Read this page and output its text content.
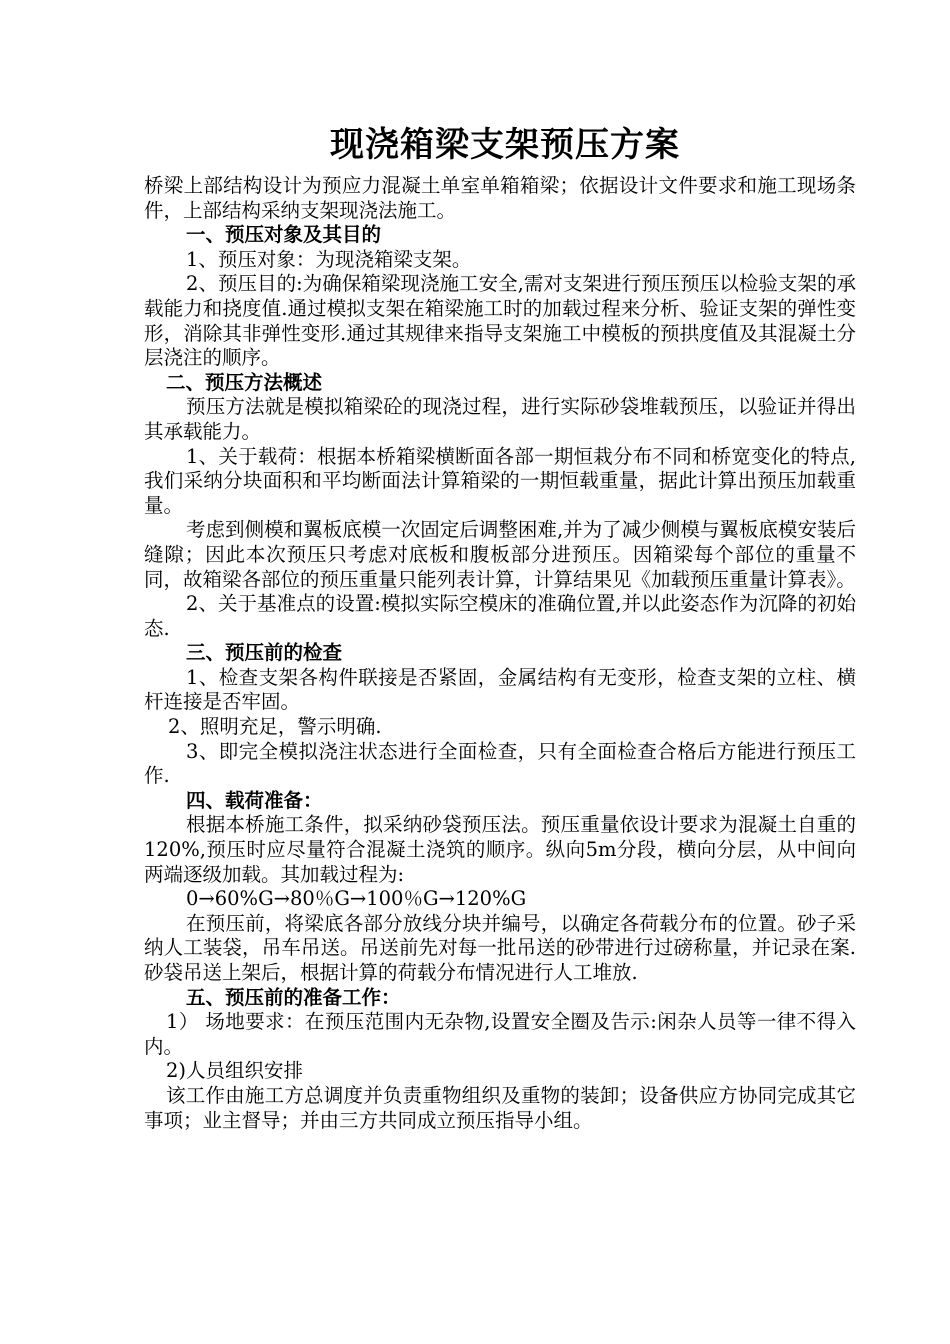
现浇箱梁支架预压方案

桥梁上部结构设计为预应力混凝土单室单箱箱梁；依据设计文件要求和施工现场条件，上部结构采纳支架现浇法施工。

一、预压对象及其目的

1、预压对象：为现浇箱梁支架。

2、预压目的:为确保箱梁现浇施工安全,需对支架进行预压预压以检验支架的承载能力和挠度值.通过模拟支架在箱梁施工时的加载过程来分析、验证支架的弹性变形，消除其非弹性变形.通过其规律来指导支架施工中模板的预拱度值及其混凝土分层浇注的顺序。

二、预压方法概述

预压方法就是模拟箱梁砼的现浇过程，进行实际砂袋堆载预压，以验证并得出其承载能力。

1、关于载荷：根据本桥箱梁横断面各部一期恒栽分布不同和桥宽变化的特点,我们采纳分块面积和平均断面法计算箱梁的一期恒载重量，据此计算出预压加载重量。

考虑到侧模和翼板底模一次固定后调整困难,并为了减少侧模与翼板底模安装后缝隙；因此本次预压只考虑对底板和腹板部分进预压。因箱梁每个部位的重量不同，故箱梁各部位的预压重量只能列表计算，计算结果见《加载预压重量计算表》。

2、关于基准点的设置:模拟实际空模床的准确位置,并以此姿态作为沉降的初始态.

三、预压前的检查

1、检查支架各构件联接是否紧固，金属结构有无变形，检查支架的立柱、横杆连接是否牢固。

2、照明充足，警示明确.

3、即完全模拟浇注状态进行全面检查，只有全面检查合格后方能进行预压工作.

四、载荷准备：

根据本桥施工条件，拟采纳砂袋预压法。预压重量依设计要求为混凝土自重的120%,预压时应尽量符合混凝土浇筑的顺序。纵向5m分段，横向分层，从中间向两端逐级加载。其加载过程为:

0→60%G→80％G→100％G→120%G

在预压前，将梁底各部分放线分块并编号，以确定各荷载分布的位置。砂子采纳人工装袋，吊车吊送。吊送前先对每一批吊送的砂带进行过磅称量，并记录在案.砂袋吊送上架后，根据计算的荷载分布情况进行人工堆放.

五、预压前的准备工作：

1） 场地要求：在预压范围内无杂物,设置安全圈及告示:闲杂人员等一律不得入内。

2)人员组织安排

该工作由施工方总调度并负责重物组织及重物的装卸；设备供应方协同完成其它事项；业主督导；并由三方共同成立预压指导小组。
